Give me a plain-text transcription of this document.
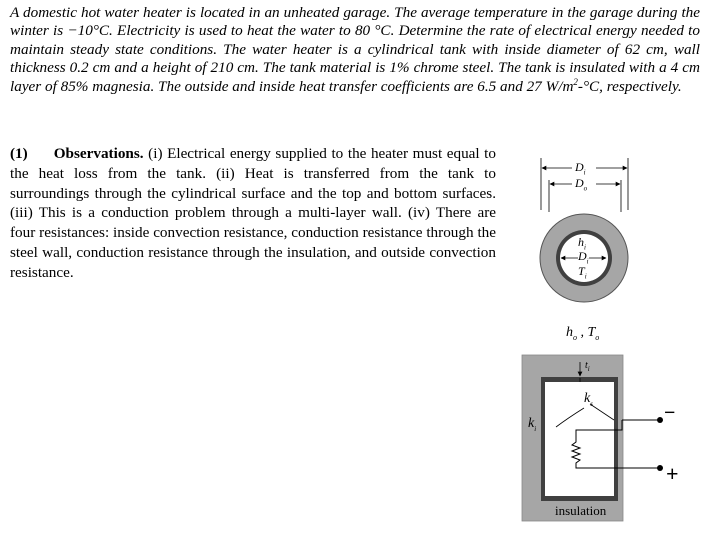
A domestic hot water heater is located in an unheated garage. The average temperature in the garage during the winter is −10°C. Electricity is used to heat the water to 80 °C. Determine the rate of electrical energy needed to maintain steady state conditions. The water heater is a cylindrical tank with inside diameter of 62 cm, wall thickness 0.2 cm and a height of 210 cm. The tank material is 1% chrome steel. The tank is insulated with a 4 cm layer of 85% magnesia. The outside and inside heat transfer coefficients are 6.5 and 27 $W/m^2-^\circ C$, respectively.

(1) Observations. (i) Electrical energy supplied to the heater must equal to the heat loss from the tank. (ii) Heat is transferred from the tank to surroundings through the cylindrical surface and the top and bottom surfaces. (iii) This is a conduction problem through a multi-layer wall. (iv) There are four resistances: inside convection resistance, conduction resistance through the steel wall, conduction resistance through the insulation, and outside convection resistance.

$D_i$
$D_o$
$h_i$
$D_i$
$T_i$
$h_o$ , $T_o$
$t_i$
$k_s$
$k_i$
insulation
−
+
